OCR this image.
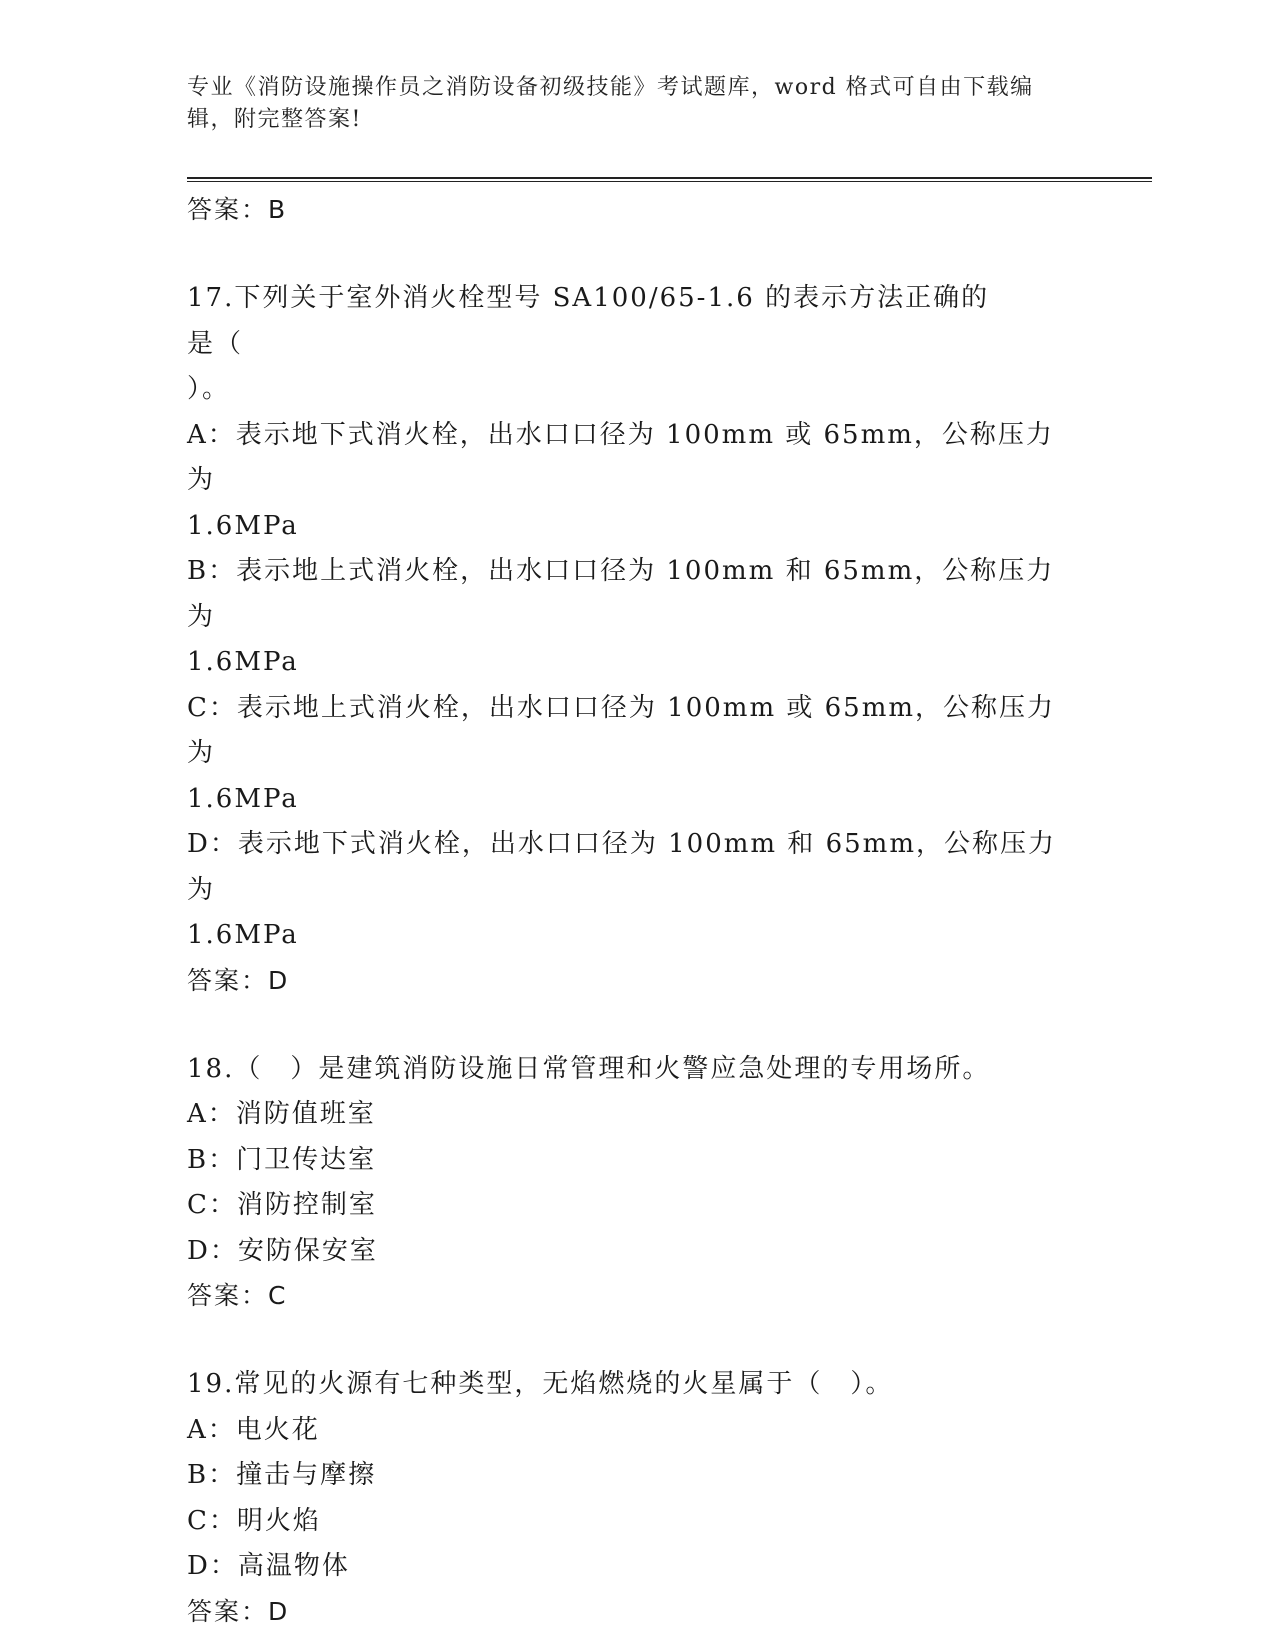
专业《消防设施操作员之消防设备初级技能》考试题库，word 格式可自由下载编
辑，附完整答案!
答案：B
17.下列关于室外消火栓型号 SA100/65-1.6 的表示方法正确的是（
）。
A：表示地下式消火栓，出水口口径为 100mm 或 65mm，公称压力为
1.6MPa
B：表示地上式消火栓，出水口口径为 100mm 和 65mm，公称压力为
1.6MPa
C：表示地上式消火栓，出水口口径为 100mm 或 65mm，公称压力为
1.6MPa
D：表示地下式消火栓，出水口口径为 100mm 和 65mm，公称压力为
1.6MPa
答案：D
18.（　）是建筑消防设施日常管理和火警应急处理的专用场所。
A：消防值班室
B：门卫传达室
C：消防控制室
D：安防保安室
答案：C
19.常见的火源有七种类型，无焰燃烧的火星属于（　）。
A：电火花
B：撞击与摩擦
C：明火焰
D：高温物体
答案：D
